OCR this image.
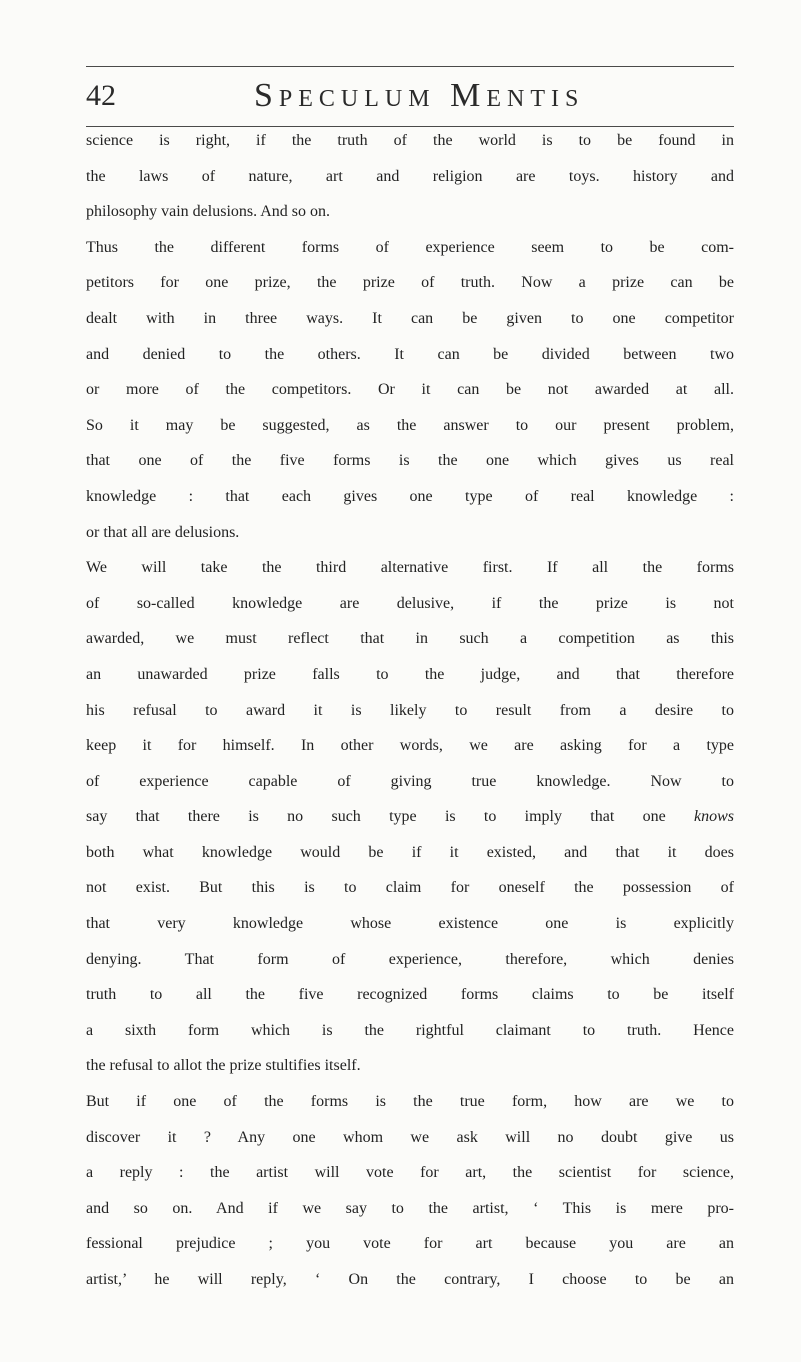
42	Speculum Mentis
science is right, if the truth of the world is to be found in
the laws of nature, art and religion are toys. history and
philosophy vain delusions. And so on.
Thus the different forms of experience seem to be com-
petitors for one prize, the prize of truth. Now a prize can be
dealt with in three ways. It can be given to one competitor
and denied to the others. It can be divided between two
or more of the competitors. Or it can be not awarded at all.
So it may be suggested, as the answer to our present problem,
that one of the five forms is the one which gives us real
knowledge : that each gives one type of real knowledge :
or that all are delusions.
We will take the third alternative first. If all the forms
of so-called knowledge are delusive, if the prize is not
awarded, we must reflect that in such a competition as this
an unawarded prize falls to the judge, and that therefore
his refusal to award it is likely to result from a desire to
keep it for himself. In other words, we are asking for a type
of experience capable of giving true knowledge. Now to
say that there is no such type is to imply that one knows
both what knowledge would be if it existed, and that it does
not exist. But this is to claim for oneself the possession of
that very knowledge whose existence one is explicitly
denying. That form of experience, therefore, which denies
truth to all the five recognized forms claims to be itself
a sixth form which is the rightful claimant to truth. Hence
the refusal to allot the prize stultifies itself.
But if one of the forms is the true form, how are we to
discover it ? Any one whom we ask will no doubt give us
a reply : the artist will vote for art, the scientist for science,
and so on. And if we say to the artist, ‘ This is mere pro-
fessional prejudice ; you vote for art because you are an
artist,’ he will reply, ‘ On the contrary, I choose to be an
